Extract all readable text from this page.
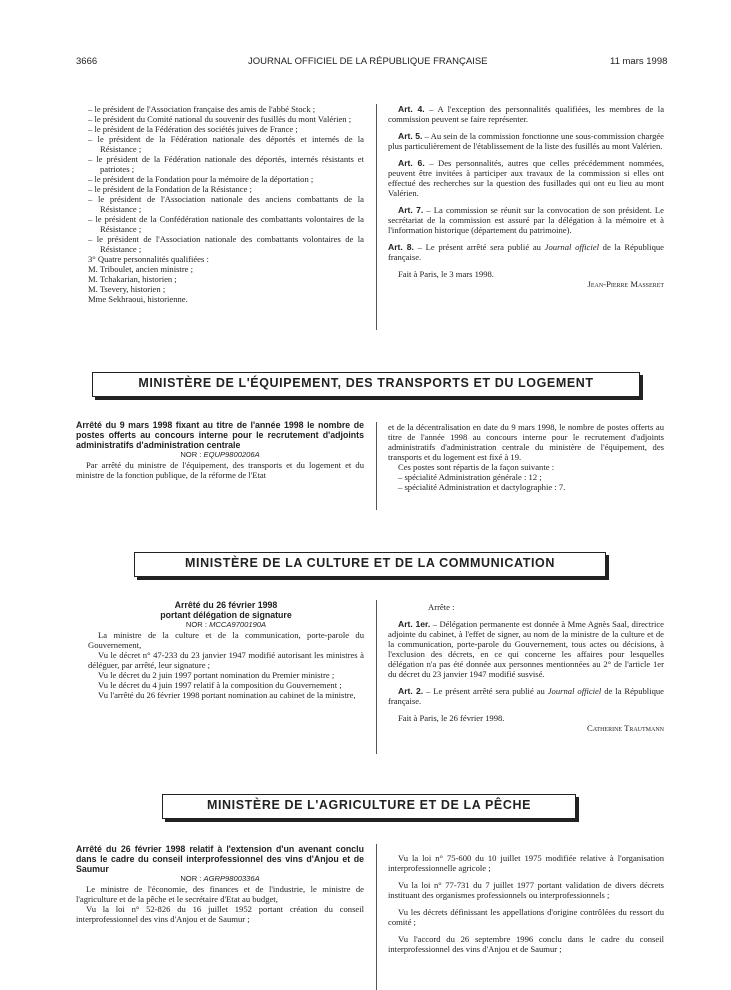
3666	JOURNAL OFFICIEL DE LA RÉPUBLIQUE FRANÇAISE	11 mars 1998

– le président de l'Association française des amis de l'abbé Stock ;

– le président du Comité national du souvenir des fusillés du mont Valérien ;

– le président de la Fédération des sociétés juives de France ;

– le président de la Fédération nationale des déportés et internés de la Résistance ;

– le président de la Fédération nationale des déportés, internés résistants et patriotes ;

– le président de la Fondation pour la mémoire de la déportation ;

– le président de la Fondation de la Résistance ;

– le président de l'Association nationale des anciens combattants de la Résistance ;

– le président de la Confédération nationale des combattants volontaires de la Résistance ;

– le président de l'Association nationale des combattants volontaires de la Résistance ;

3° Quatre personnalités qualifiées :

M. Triboulet, ancien ministre ;

M. Tchakarian, historien ;

M. Tsevery, historien ;

Mme Sekhraoui, historienne.

Art. 4. – A l'exception des personnalités qualifiées, les membres de la commission peuvent se faire représenter.

Art. 5. – Au sein de la commission fonctionne une sous-commission chargée plus particulièrement de l'établissement de la liste des fusillés au mont Valérien.

Art. 6. – Des personnalités, autres que celles précédemment nommées, peuvent être invitées à participer aux travaux de la commission si elles ont effectué des recherches sur la question des fusillades qui ont eu lieu au mont Valérien.

Art. 7. – La commission se réunit sur la convocation de son président. Le secrétariat de la commission est assuré par la délégation à la mémoire et à l'information historique (département du patrimoine).

Art. 8. – Le présent arrêté sera publié au Journal officiel de la République française.

Fait à Paris, le 3 mars 1998.

Jean-Pierre Masseret

MINISTÈRE DE L'ÉQUIPEMENT, DES TRANSPORTS ET DU LOGEMENT

Arrêté du 9 mars 1998 fixant au titre de l'année 1998 le nombre de postes offerts au concours interne pour le recrutement d'adjoints administratifs d'administration centrale

NOR : EQUP9800206A

Par arrêté du ministre de l'équipement, des transports et du logement et du ministre de la fonction publique, de la réforme de l'Etat

et de la décentralisation en date du 9 mars 1998, le nombre de postes offerts au titre de l'année 1998 au concours interne pour le recrutement d'adjoints administratifs d'administration centrale du ministère de l'équipement, des transports et du logement est fixé à 19.

Ces postes sont répartis de la façon suivante :

– spécialité Administration générale : 12 ;

– spécialité Administration et dactylographie : 7.

MINISTÈRE DE LA CULTURE ET DE LA COMMUNICATION

Arrêté du 26 février 1998

portant délégation de signature

NOR : MCCA9700190A

La ministre de la culture et de la communication, porte-parole du Gouvernement,

Vu le décret n° 47-233 du 23 janvier 1947 modifié autorisant les ministres à déléguer, par arrêté, leur signature ;

Vu le décret du 2 juin 1997 portant nomination du Premier ministre ;

Vu le décret du 4 juin 1997 relatif à la composition du Gouvernement ;

Vu l'arrêté du 26 février 1998 portant nomination au cabinet de la ministre,

Arrête :

Art. 1er. – Délégation permanente est donnée à Mme Agnès Saal, directrice adjointe du cabinet, à l'effet de signer, au nom de la ministre de la culture et de la communication, porte-parole du Gouvernement, tous actes ou décisions, à l'exclusion des décrets, en ce qui concerne les affaires pour lesquelles délégation n'a pas été donnée aux personnes mentionnées au 2° de l'article 1er du décret du 23 janvier 1947 modifié susvisé.

Art. 2. – Le présent arrêté sera publié au Journal officiel de la République française.

Fait à Paris, le 26 février 1998.

Catherine Trautmann

MINISTÈRE DE L'AGRICULTURE ET DE LA PÊCHE

Arrêté du 26 février 1998 relatif à l'extension d'un avenant conclu dans le cadre du conseil interprofessionnel des vins d'Anjou et de Saumur

NOR : AGRP9800336A

Le ministre de l'économie, des finances et de l'industrie, le ministre de l'agriculture et de la pêche et le secrétaire d'Etat au budget,

Vu la loi n° 52-826 du 16 juillet 1952 portant création du conseil interprofessionnel des vins d'Anjou et de Saumur ;

Vu la loi n° 75-600 du 10 juillet 1975 modifiée relative à l'organisation interprofessionnelle agricole ;

Vu la loi n° 77-731 du 7 juillet 1977 portant validation de divers décrets instituant des organismes professionnels ou interprofessionnels ;

Vu les décrets définissant les appellations d'origine contrôlées du ressort du comité ;

Vu l'accord du 26 septembre 1996 conclu dans le cadre du conseil interprofessionnel des vins d'Anjou et de Saumur ;
